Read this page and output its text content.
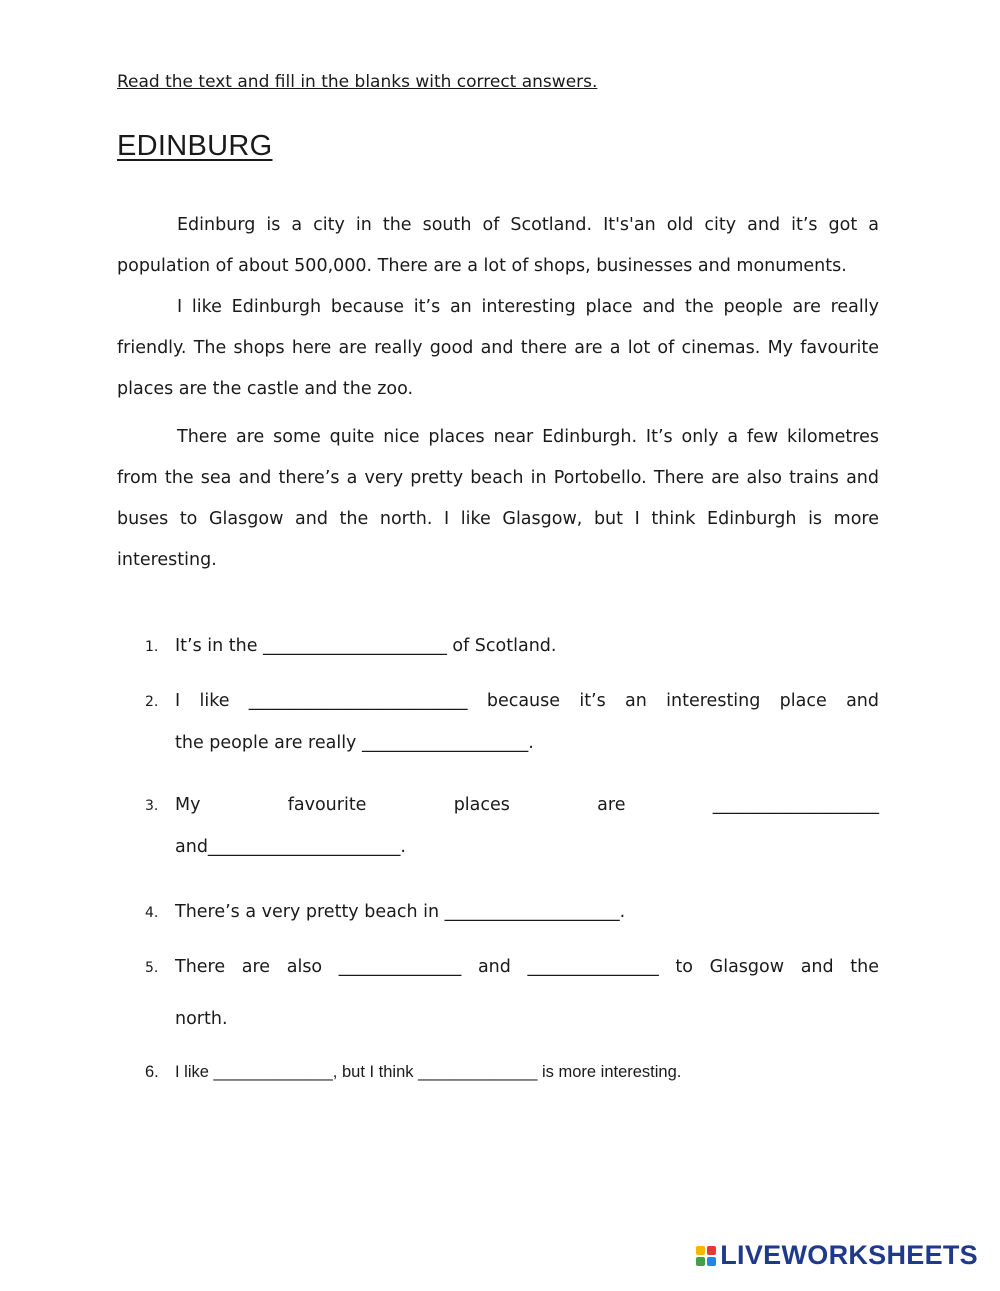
Read the text and fill in the blanks with correct answers.
EDINBURG
Edinburg is a city in the south of Scotland. It's'an old city and it’s got a
population of about 500,000. There are a lot of shops, businesses and monuments.
I like Edinburgh because it’s an interesting place and the people are really
friendly. The shops here are really good and there are a lot of cinemas. My favourite
places are the castle and the zoo.
There are some quite nice places near Edinburgh. It’s only a few kilometres
from the sea and there’s a very pretty beach in Portobello. There are also trains and
buses to Glasgow and the north. I like Glasgow, but I think Edinburgh is more
interesting.
1. It’s in the _____________________ of Scotland.
2. I like _________________________ because it’s an interesting place and
the people are really ___________________.
3. My	favourite	places	are	___________________
and______________________.
4. There’s a very pretty beach in ____________________.
5. There are also ______________ and _______________ to Glasgow and the
north.
6. I like _____________, but I think _____________ is more interesting.
LIVEWORKSHEETS
